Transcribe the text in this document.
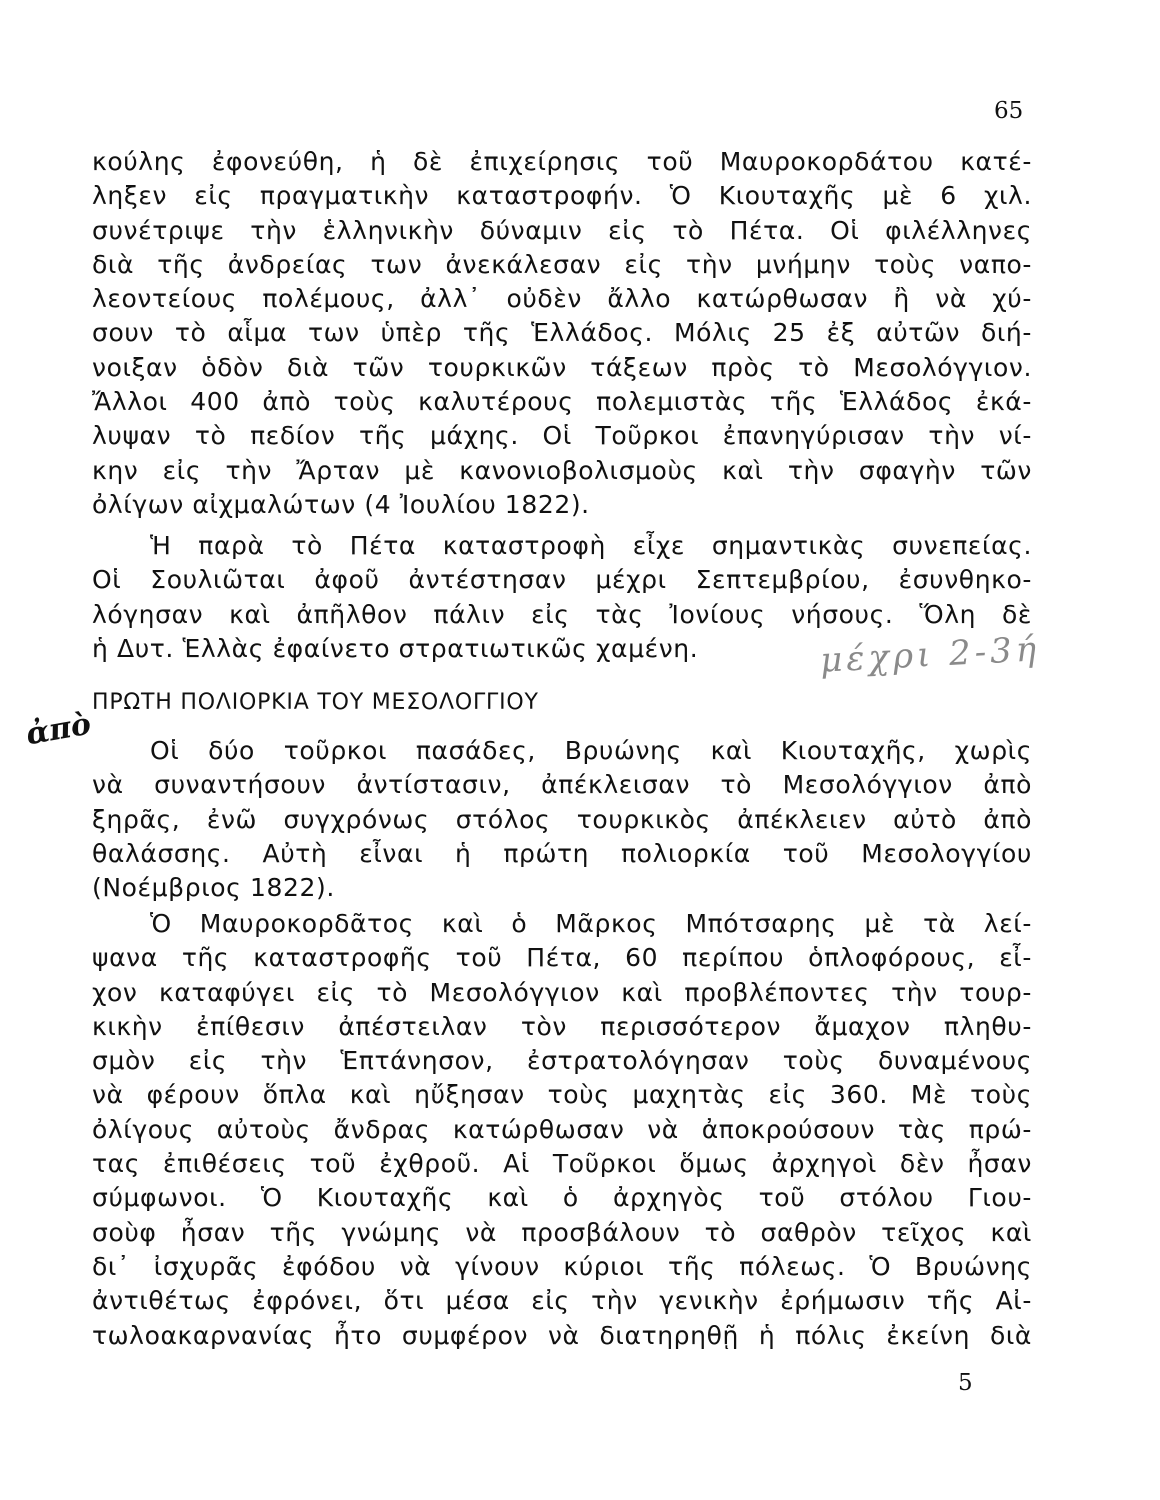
65
κούλης ἐφονεύθη, ἡ δὲ ἐπιχείρησις τοῦ Μαυροκορδάτου κατέ-
ληξεν εἰς πραγματικὴν καταστροφήν. Ὁ Κιουταχῆς μὲ 6 χιλ.
συνέτριψε τὴν ἑλληνικὴν δύναμιν εἰς τὸ Πέτα. Οἱ φιλέλληνες
διὰ τῆς ἀνδρείας των ἀνεκάλεσαν εἰς τὴν μνήμην τοὺς ναπο-
λεοντείους πολέμους, ἀλλ᾽ οὐδὲν ἄλλο κατώρθωσαν ἢ νὰ χύ-
σουν τὸ αἷμα των ὑπὲρ τῆς Ἑλλάδος. Μόλις 25 ἐξ αὐτῶν διή-
νοιξαν ὁδὸν διὰ τῶν τουρκικῶν τάξεων πρὸς τὸ Μεσολόγγιον.
Ἄλλοι 400 ἀπὸ τοὺς καλυτέρους πολεμιστὰς τῆς Ἑλλάδος ἐκά-
λυψαν τὸ πεδίον τῆς μάχης. Οἱ Τοῦρκοι ἐπανηγύρισαν τὴν νί-
κην εἰς τὴν Ἄρταν μὲ κανονιοβολισμοὺς καὶ τὴν σφαγὴν τῶν
ὀλίγων αἰχμαλώτων (4 Ἰουλίου 1822).
Ἡ παρὰ τὸ Πέτα καταστροφὴ εἶχε σημαντικὰς συνεπείας.
Οἱ Σουλιῶται ἀφοῦ ἀντέστησαν μέχρι Σεπτεμβρίου, ἐσυνθηκο-
λόγησαν καὶ ἀπῆλθον πάλιν εἰς τὰς Ἰονίους νήσους. Ὅλη δὲ
ἡ Δυτ. Ἑλλὰς ἐφαίνετο στρατιωτικῶς χαμένη.	μέχρι 2-3ή
ΠΡΩΤΗ ΠΟΛΙΟΡΚΙΑ ΤΟΥ ΜΕΣΟΛΟΓΓΙΟΥ
ἀπὸ	Οἱ δύο τοῦρκοι πασάδες, Βρυώνης καὶ Κιουταχῆς, χωρὶς
νὰ συναντήσουν ἀντίστασιν, ἀπέκλεισαν τὸ Μεσολόγγιον ἀπὸ
ξηρᾶς, ἐνῶ συγχρόνως στόλος τουρκικὸς ἀπέκλειεν αὐτὸ ἀπὸ
θαλάσσης. Αὐτὴ εἶναι ἡ πρώτη πολιορκία τοῦ Μεσολογγίου
(Νοέμβριος 1822).
Ὁ Μαυροκορδᾶτος καὶ ὁ Μᾶρκος Μπότσαρης μὲ τὰ λεί-
ψανα τῆς καταστροφῆς τοῦ Πέτα, 60 περίπου ὁπλοφόρους, εἶ-
χον καταφύγει εἰς τὸ Μεσολόγγιον καὶ προβλέποντες τὴν τουρ-
κικὴν ἐπίθεσιν ἀπέστειλαν τὸν περισσότερον ἄμαχον πληθυ-
σμὸν εἰς τὴν Ἑπτάνησον, ἐστρατολόγησαν τοὺς δυναμένους
νὰ φέρουν ὅπλα καὶ ηὔξησαν τοὺς μαχητὰς εἰς 360. Μὲ τοὺς
ὀλίγους αὐτοὺς ἄνδρας κατώρθωσαν νὰ ἀποκρούσουν τὰς πρώ-
τας ἐπιθέσεις τοῦ ἐχθροῦ. Αἱ Τοῦρκοι ὅμως ἀρχηγοὶ δὲν ἦσαν
σύμφωνοι. Ὁ Κιουταχῆς καὶ ὁ ἀρχηγὸς τοῦ στόλου Γιου-
σοὺφ ἦσαν τῆς γνώμης νὰ προσβάλουν τὸ σαθρὸν τεῖχος καὶ
δι᾽ ἰσχυρᾶς ἐφόδου νὰ γίνουν κύριοι τῆς πόλεως. Ὁ Βρυώνης
ἀντιθέτως ἐφρόνει, ὅτι μέσα εἰς τὴν γενικὴν ἐρήμωσιν τῆς Αἰ-
τωλοακαρνανίας ἦτο συμφέρον νὰ διατηρηθῇ ἡ πόλις ἐκείνη διὰ
5
